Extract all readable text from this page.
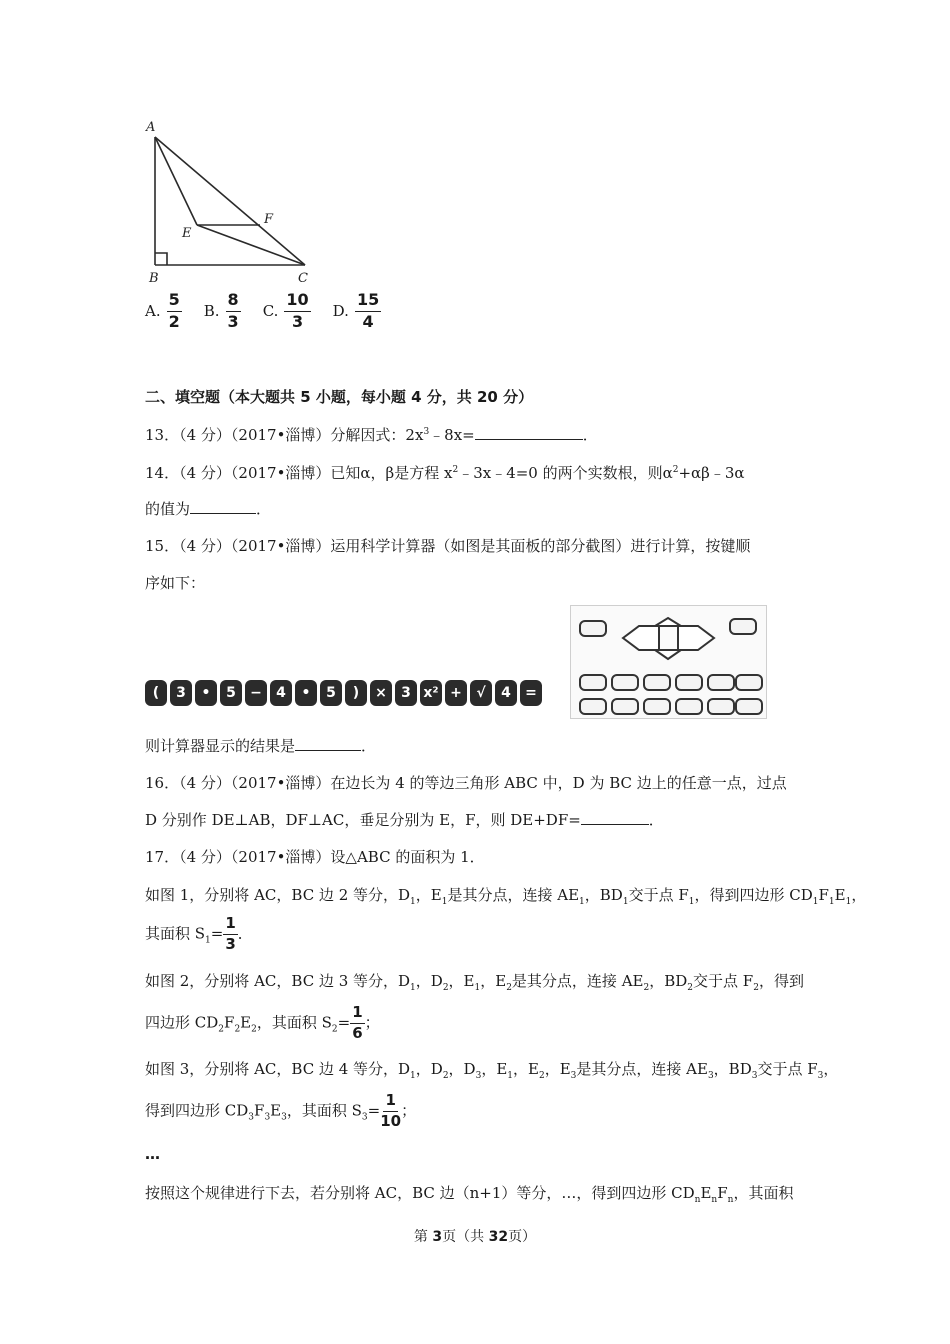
A
B	C
E
F
A. $\frac{5}{2} B$. $\frac{8}{3} C$. $\frac{10}{3} D$. $\frac{15}{4}$
二、填空题（本大题共 5 小题，每小题 4 分，共 20 分）
13．（4 分）（2017•淄博）分解因式：$2x^3﹣8x=$	．
14．（4 分）（2017•淄博）已知α，β是方程 $x^2﹣3x﹣4=0$ 的两个实数根，则$\alpha^2+\alpha\beta﹣3\alpha$
的值为	．
15．（4 分）（2017•淄博）运用科学计算器（如图是其面板的部分截图）进行计算，按键顺
序如下：
(	3	•	5	−	4	•	5	)	×	3 x² +	√	4	=
则计算器显示的结果是	．
16．（4 分）（2017•淄博）在边长为 4 的等边三角形 ABC 中，D 为 BC 边上的任意一点，过点
D 分别作 DE⊥AB，DF⊥AC，垂足分别为 E，F，则 DE+DF=	．
17．（4 分）（2017•淄博）设△ABC 的面积为 1．
如图 1，分别将 AC，BC 边 2 等分，$D_1$，$E_1$是其分点，连接 $AE_1$，$BD_1$交于点 $F_1$，得到四边形 $CD_1F_1E_1$，
其面积 $S_1= \frac{1}{3}$ ．
如图 2，分别将 AC，BC 边 3 等分，$D_1$，$D_2$，$E_1$，$E_2$是其分点，连接 $AE_2$，$BD_2$交于点 $F_2$，得到
四边形 $CD_2F_2E_2$，其面积 $S_2= \frac{1}{6}$ ；
如图 3，分别将 AC，BC 边 4 等分，$D_1$，$D_2$，$D_3$，$E_1$，$E_2$，$E_3$是其分点，连接 $AE_3$，$BD_3$交于点 $F_3$，
得到四边形 $CD_3F_3E_3$，其面积 $S_3= \frac{1}{10}$ ；
…
按照这个规律进行下去，若分别将 AC，BC 边（n+1）等分，…，得到四边形 $CD_nE_nF_n$，其面积
第 3页（共 32页）
